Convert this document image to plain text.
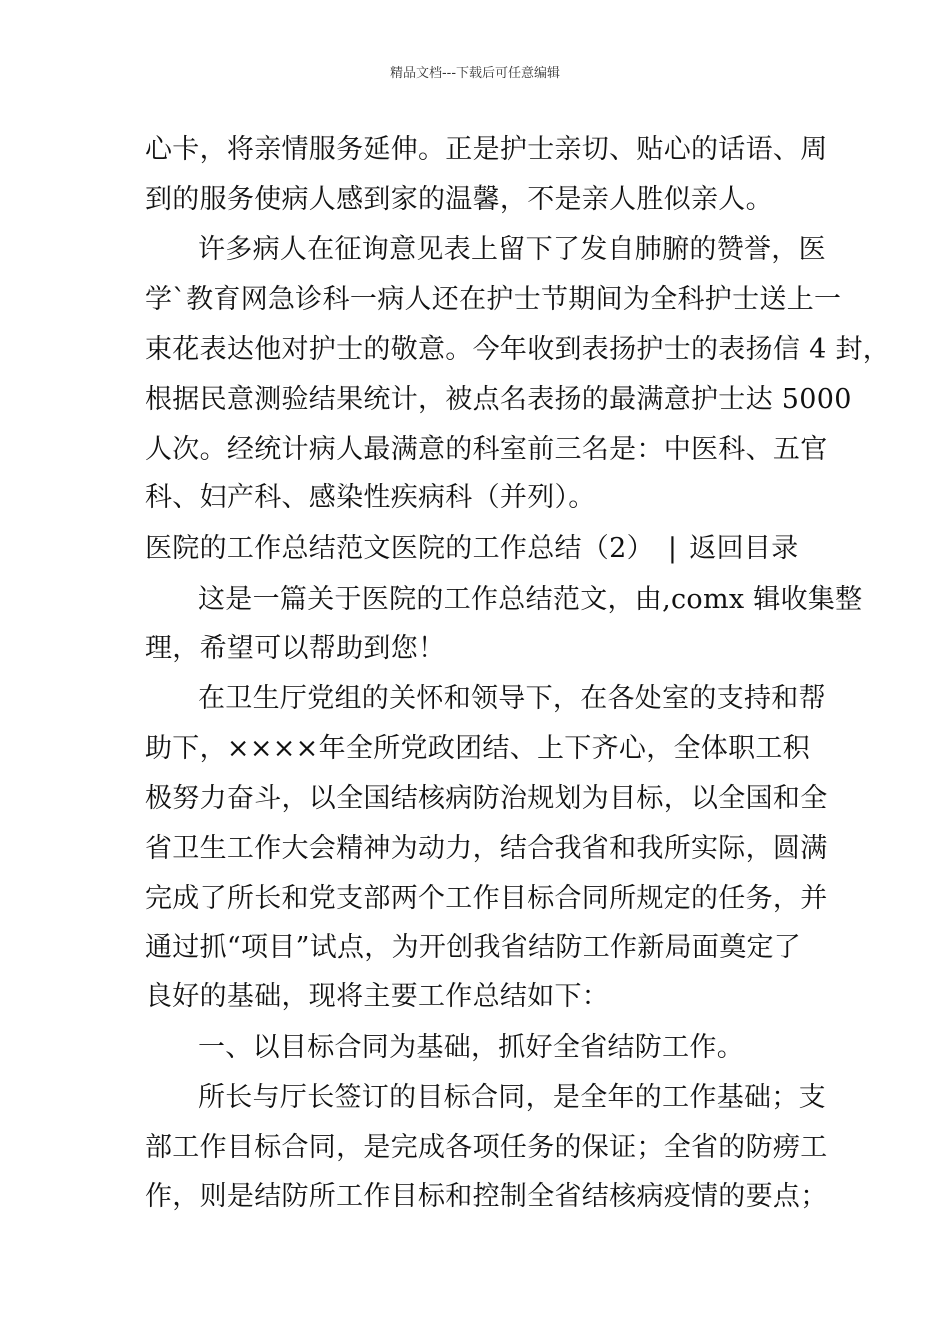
精品文档---下载后可任意编辑
心卡，将亲情服务延伸。正是护士亲切、贴心的话语、周
到的服务使病人感到家的温馨，不是亲人胜似亲人。
许多病人在征询意见表上留下了发自肺腑的赞誉，医
学`教育网急诊科一病人还在护士节期间为全科护士送上一
束花表达他对护士的敬意。今年收到表扬护士的表扬信 4 封，
根据民意测验结果统计，被点名表扬的最满意护士达 5000
人次。经统计病人最满意的科室前三名是：中医科、五官
科、妇产科、感染性疾病科（并列）。
医院的工作总结范文医院的工作总结（2） | 返回目录
这是一篇关于医院的工作总结范文，由,comx 辑收集整
理，希望可以帮助到您！
在卫生厅党组的关怀和领导下，在各处室的支持和帮
助下，××××年全所党政团结、上下齐心，全体职工积
极努力奋斗，以全国结核病防治规划为目标，以全国和全
省卫生工作大会精神为动力，结合我省和我所实际，圆满
完成了所长和党支部两个工作目标合同所规定的任务，并
通过抓“项目”试点，为开创我省结防工作新局面奠定了
良好的基础，现将主要工作总结如下：
一、以目标合同为基础，抓好全省结防工作。
所长与厅长签订的目标合同，是全年的工作基础；支
部工作目标合同，是完成各项任务的保证；全省的防痨工
作，则是结防所工作目标和控制全省结核病疫情的要点；
